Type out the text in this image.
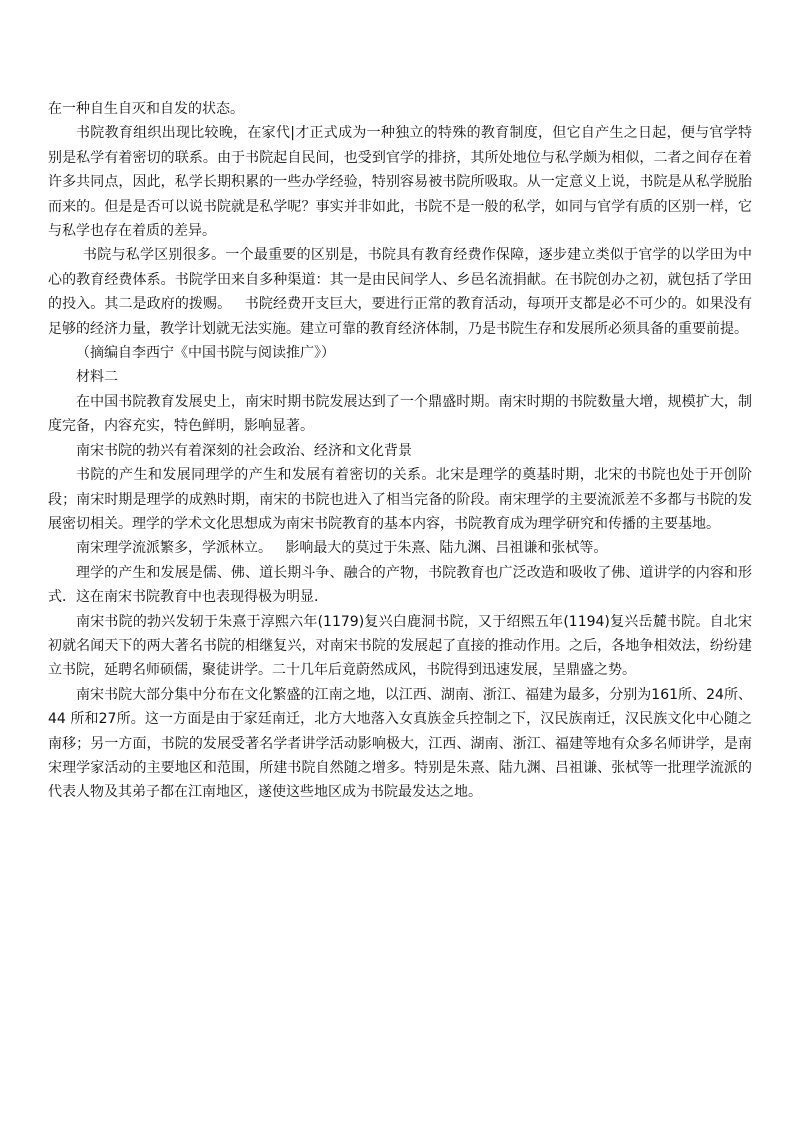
在一种自生自灭和自发的状态。

书院教育组织出现比较晚，在家代|才正式成为一种独立的特殊的教育制度，但它自产生之日起，便与官学特别是私学有着密切的联系。由于书院起自民间，也受到官学的排挤，其所处地位与私学颇为相似，二者之间存在着许多共同点，因此，私学长期积累的一些办学经验，特别容易被书院所吸取。从一定意义上说，书院是从私学脱胎而来的。但是是否可以说书院就是私学呢？事实并非如此，书院不是一般的私学，如同与官学有质的区别一样，它与私学也存在着质的差异。

书院与私学区别很多。一个最重要的区别是，书院具有教育经费作保障，逐步建立类似于官学的以学田为中心的教育经费体系。书院学田来自多种渠道：其一是由民间学人、乡邑名流捐献。在书院创办之初，就包括了学田的投入。其二是政府的拨赐。   书院经费开支巨大，要进行正常的教育活动，每项开支都是必不可少的。如果没有足够的经济力量，教学计划就无法实施。建立可靠的教育经济体制，乃是书院生存和发展所必须具备的重要前提。

（摘编自李西宁《中国书院与阅读推广》）

材料二

在中国书院教育发展史上，南宋时期书院发展达到了一个鼎盛时期。南宋时期的书院数量大增，规模扩大，制度完备，内容充实，特色鲜明，影响显著。

南宋书院的勃兴有着深刻的社会政治、经济和文化背景

书院的产生和发展同理学的产生和发展有着密切的关系。北宋是理学的奠基时期，北宋的书院也处于开创阶段；南宋时期是理学的成熟时期，南宋的书院也进入了相当完备的阶段。南宋理学的主要流派差不多都与书院的发展密切相关。理学的学术文化思想成为南宋书院教育的基本内容，书院教育成为理学研究和传播的主要基地。

南宋理学流派繁多，学派林立。   影响最大的莫过于朱熹、陆九渊、吕祖谦和张栻等。

理学的产生和发展是儒、佛、道长期斗争、融合的产物，书院教育也广泛改造和吸收了佛、道讲学的内容和形式．这在南宋书院教育中也表现得极为明显．

南宋书院的勃兴发轫于朱熹于淳熙六年(1179)复兴白鹿洞书院，又于绍熙五年(1194)复兴岳麓书院。自北宋初就名闻天下的两大著名书院的相继复兴，对南宋书院的发展起了直接的推动作用。之后，各地争相效法，纷纷建立书院，延聘名师硕儒，聚徒讲学。二十几年后竟蔚然成风，书院得到迅速发展，呈鼎盛之势。

南宋书院大部分集中分布在文化繁盛的江南之地，以江西、湖南、浙江、福建为最多，分别为161所、24所、44 所和27所。这一方面是由于家廷南迁，北方大地落入女真族金兵控制之下，汉民族南迁，汉民族文化中心随之南移；另一方面，书院的发展受著名学者讲学活动影响极大，江西、湖南、浙江、福建等地有众多名师讲学，是南宋理学家活动的主要地区和范围，所建书院自然随之增多。特别是朱熹、陆九渊、吕祖谦、张栻等一批理学流派的代表人物及其弟子都在江南地区，遂使这些地区成为书院最发达之地。
